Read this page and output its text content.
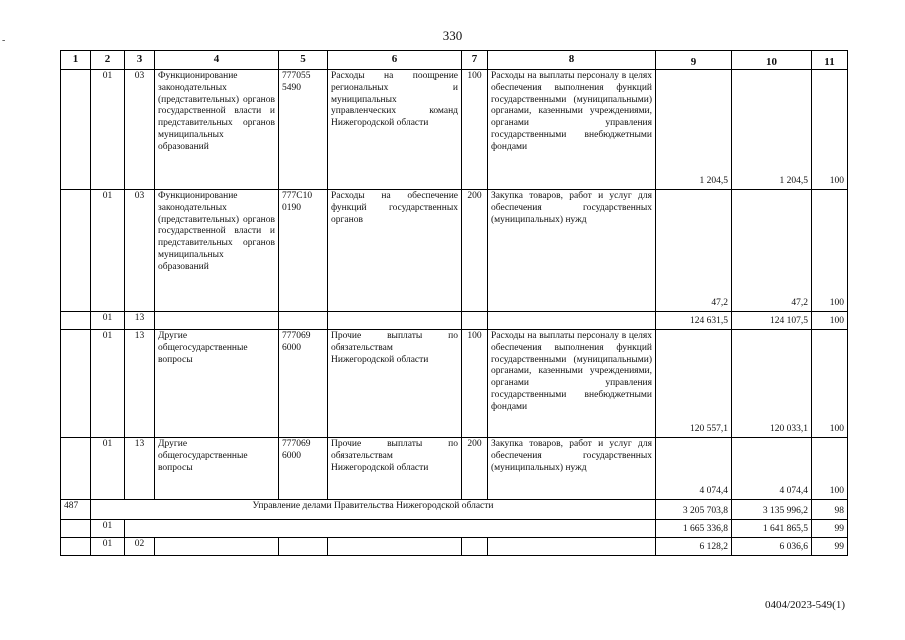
-	330
1	2	3	4	5	6	7	8	9	10	11
	01	03	Функционирование законодательных (представительных) органов государственной власти и представительных органов муниципальных образований	777055 5490	Расходы на поощрение региональных и муниципальных управленческих команд Нижегородской области	100	Расходы на выплаты персоналу в целях обеспечения выполнения функций государственными (муниципальными) органами, казенными учреждениями, органами управления государственными внебюджетными фондами	1 204,5	1 204,5	100
	01	03	Функционирование законодательных (представительных) органов государственной власти и представительных органов муниципальных образований	777С10 0190	Расходы на обеспечение функций государственных органов	200	Закупка товаров, работ и услуг для обеспечения государственных (муниципальных) нужд	47,2	47,2	100
	01	13						124 631,5	124 107,5	100
	01	13	Другие общегосударственные вопросы	777069 6000	Прочие выплаты по обязательствам Нижегородской области	100	Расходы на выплаты персоналу в целях обеспечения выполнения функций государственными (муниципальными) органами, казенными учреждениями, органами управления государственными внебюджетными фондами	120 557,1	120 033,1	100
	01	13	Другие общегосударственные вопросы	777069 6000	Прочие выплаты по обязательствам Нижегородской области	200	Закупка товаров, работ и услуг для обеспечения государственных (муниципальных) нужд	4 074,4	4 074,4	100
487	Управление делами Правительства Нижегородской области							3 205 703,8	3 135 996,2	98
	01							1 665 336,8	1 641 865,5	99
	01	02						6 128,2	6 036,6	99
0404/2023-549(1)
